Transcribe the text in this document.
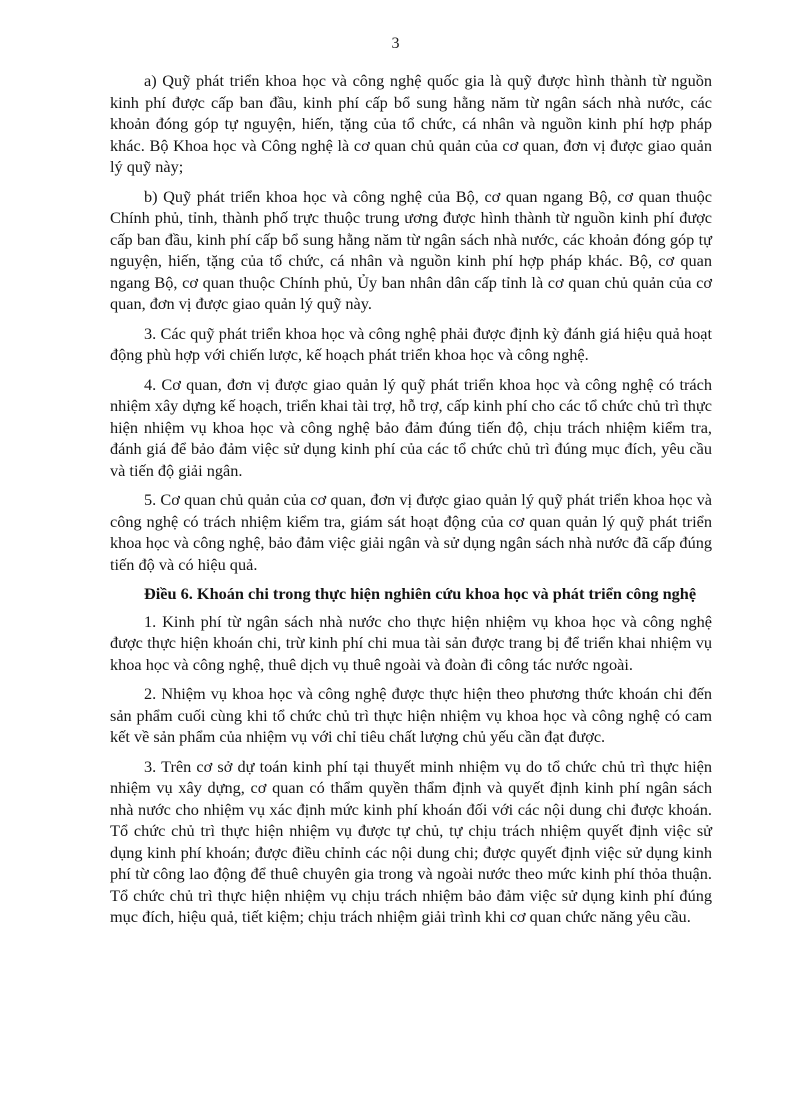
3

a) Quỹ phát triển khoa học và công nghệ quốc gia là quỹ được hình thành từ nguồn kinh phí được cấp ban đầu, kinh phí cấp bổ sung hằng năm từ ngân sách nhà nước, các khoản đóng góp tự nguyện, hiến, tặng của tổ chức, cá nhân và nguồn kinh phí hợp pháp khác. Bộ Khoa học và Công nghệ là cơ quan chủ quản của cơ quan, đơn vị được giao quản lý quỹ này;

b) Quỹ phát triển khoa học và công nghệ của Bộ, cơ quan ngang Bộ, cơ quan thuộc Chính phủ, tỉnh, thành phố trực thuộc trung ương được hình thành từ nguồn kinh phí được cấp ban đầu, kinh phí cấp bổ sung hằng năm từ ngân sách nhà nước, các khoản đóng góp tự nguyện, hiến, tặng của tổ chức, cá nhân và nguồn kinh phí hợp pháp khác. Bộ, cơ quan ngang Bộ, cơ quan thuộc Chính phủ, Ủy ban nhân dân cấp tỉnh là cơ quan chủ quản của cơ quan, đơn vị được giao quản lý quỹ này.

3. Các quỹ phát triển khoa học và công nghệ phải được định kỳ đánh giá hiệu quả hoạt động phù hợp với chiến lược, kế hoạch phát triển khoa học và công nghệ.

4. Cơ quan, đơn vị được giao quản lý quỹ phát triển khoa học và công nghệ có trách nhiệm xây dựng kế hoạch, triển khai tài trợ, hỗ trợ, cấp kinh phí cho các tổ chức chủ trì thực hiện nhiệm vụ khoa học và công nghệ bảo đảm đúng tiến độ, chịu trách nhiệm kiểm tra, đánh giá để bảo đảm việc sử dụng kinh phí của các tổ chức chủ trì đúng mục đích, yêu cầu và tiến độ giải ngân.

5. Cơ quan chủ quản của cơ quan, đơn vị được giao quản lý quỹ phát triển khoa học và công nghệ có trách nhiệm kiểm tra, giám sát hoạt động của cơ quan quản lý quỹ phát triển khoa học và công nghệ, bảo đảm việc giải ngân và sử dụng ngân sách nhà nước đã cấp đúng tiến độ và có hiệu quả.

Điều 6. Khoán chi trong thực hiện nghiên cứu khoa học và phát triển công nghệ

1. Kinh phí từ ngân sách nhà nước cho thực hiện nhiệm vụ khoa học và công nghệ được thực hiện khoán chi, trừ kinh phí chi mua tài sản được trang bị để triển khai nhiệm vụ khoa học và công nghệ, thuê dịch vụ thuê ngoài và đoàn đi công tác nước ngoài.

2. Nhiệm vụ khoa học và công nghệ được thực hiện theo phương thức khoán chi đến sản phẩm cuối cùng khi tổ chức chủ trì thực hiện nhiệm vụ khoa học và công nghệ có cam kết về sản phẩm của nhiệm vụ với chỉ tiêu chất lượng chủ yếu cần đạt được.

3. Trên cơ sở dự toán kinh phí tại thuyết minh nhiệm vụ do tổ chức chủ trì thực hiện nhiệm vụ xây dựng, cơ quan có thẩm quyền thẩm định và quyết định kinh phí ngân sách nhà nước cho nhiệm vụ xác định mức kinh phí khoán đối với các nội dung chi được khoán. Tổ chức chủ trì thực hiện nhiệm vụ được tự chủ, tự chịu trách nhiệm quyết định việc sử dụng kinh phí khoán; được điều chỉnh các nội dung chi; được quyết định việc sử dụng kinh phí từ công lao động để thuê chuyên gia trong và ngoài nước theo mức kinh phí thỏa thuận. Tổ chức chủ trì thực hiện nhiệm vụ chịu trách nhiệm bảo đảm việc sử dụng kinh phí đúng mục đích, hiệu quả, tiết kiệm; chịu trách nhiệm giải trình khi cơ quan chức năng yêu cầu.
